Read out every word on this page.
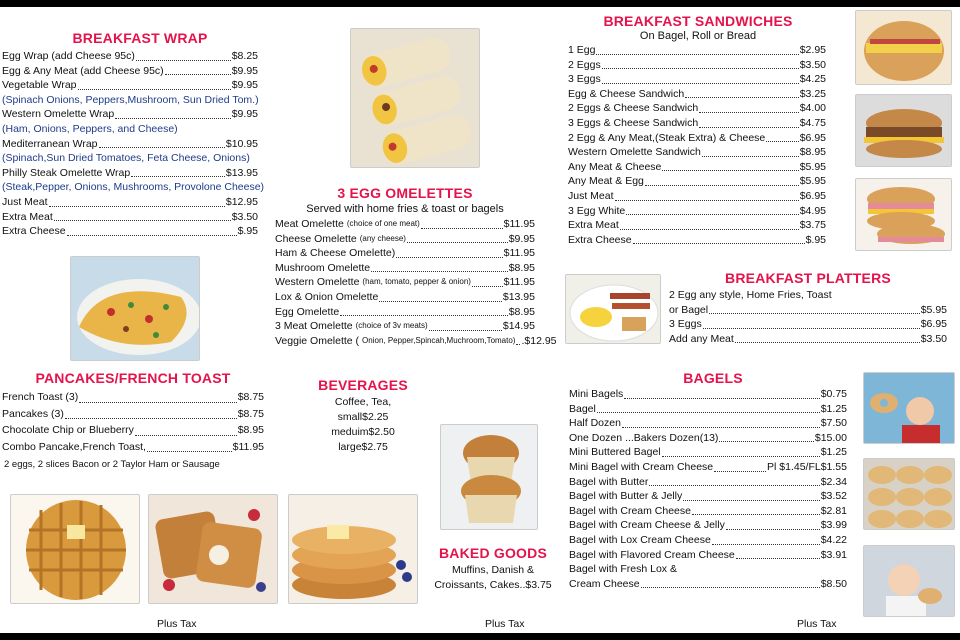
BREAKFAST WRAP
Egg Wrap (add Cheese 95c)	$8.25
Egg & Any Meat (add Cheese 95c)	$9.95
Vegetable Wrap	$9.95
(Spinach Onions, Peppers,Mushroom, Sun Dried Tom.)
Western Omelette Wrap	$9.95
(Ham, Onions, Peppers, and Cheese)
Mediterranean Wrap	$10.95
(Spinach,Sun Dried Tomatoes, Feta Cheese, Onions)
Philly Steak Omelette Wrap	$13.95
(Steak,Pepper, Onions, Mushrooms, Provolone Cheese)
Just Meat	$12.95
Extra Meat	$3.50
Extra Cheese	$.95
3 EGG OMELETTES
Served with home fries & toast or bagels
Meat Omelette (choice of one meat)	$11.95
Cheese Omelette (any cheese)	$9.95
Ham & Cheese Omelette)	$11.95
Mushroom Omelette	$8.95
Western Omelette (ham, tomato, pepper & onion)	$11.95
Lox & Onion Omelette	$13.95
Egg Omelette	$8.95
3 Meat Omelette (choice of 3v meats)	$14.95
Veggie Omelette ( Onion, Pepper,Spincah,Muchroom,Tomato) .$12.95
BREAKFAST SANDWICHES
On Bagel, Roll or Bread
1 Egg	$2.95
2 Eggs	$3.50
3 Eggs	$4.25
Egg & Cheese Sandwich	$3.25
2 Eggs & Cheese Sandwich	$4.00
3 Eggs & Cheese Sandwich	$4.75
2 Egg & Any Meat,(Steak Extra) & Cheese	$6.95
Western Omelette Sandwich	$8.95
Any Meat & Cheese	$5.95
Any Meat & Egg	$5.95
Just Meat	$6.95
3 Egg White	$4.95
Extra Meat	$3.75
Extra Cheese	$.95
BREAKFAST PLATTERS
2 Egg any style, Home Fries, Toast
or Bagel	$5.95
3 Eggs	$6.95
Add any Meat	$3.50
PANCAKES/FRENCH TOAST
French Toast (3)	$8.75
Pancakes (3)	$8.75
Chocolate Chip or Blueberry	$8.95
Combo Pancake,French Toast,	$11.95
2 eggs, 2 slices Bacon or 2 Taylor Ham or Sausage
BEVERAGES
Coffee, Tea,
small$2.25
meduim$2.50
large$2.75
BAKED GOODS
Muffins, Danish &
Croissants, Cakes..$3.75
BAGELS
Mini Bagels	$0.75
Bagel	$1.25
Half Dozen	$7.50
One Dozen ...Bakers Dozen(13)	$15.00
Mini Buttered Bagel	$1.25
Mini Bagel with Cream Cheese	Pl $1.45/FL$1.55
Bagel with Butter	$2.34
Bagel with Butter & Jelly	$3.52
Bagel with Cream Cheese	$2.81
Bagel with Cream Cheese & Jelly	$3.99
Bagel with Lox Cream Cheese	$4.22
Bagel with Flavored Cream Cheese	$3.91
Bagel with Fresh Lox &
Cream Cheese	$8.50
Plus Tax	Plus Tax	Plus Tax
